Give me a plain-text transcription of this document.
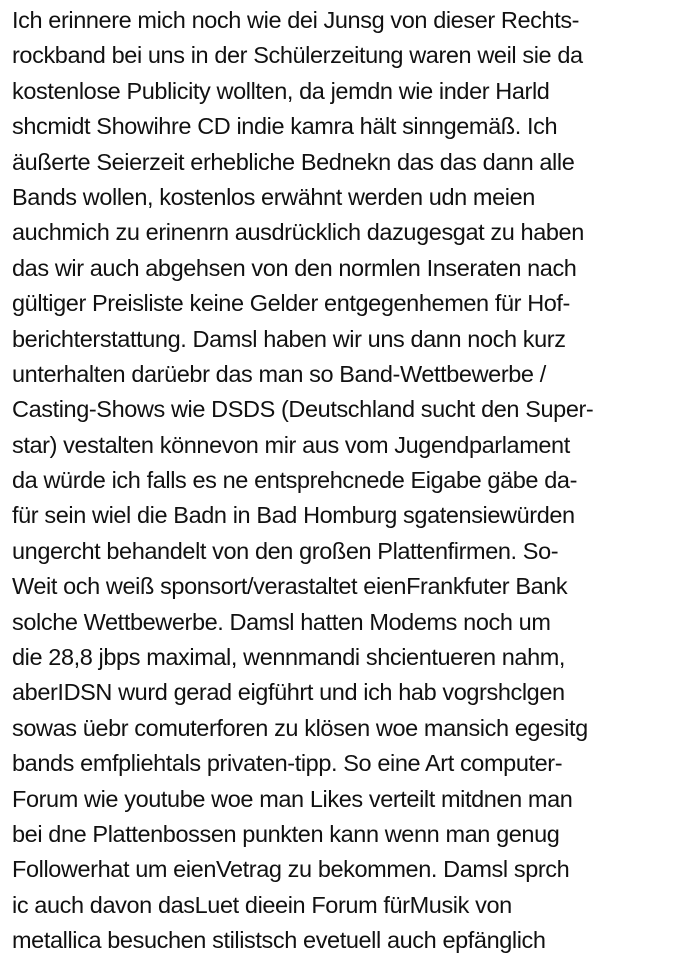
Ich erinnere mich noch wie dei Junsg von dieser Rechts-
rockband bei uns in der Schülerzeitung waren weil sie da
kostenlose Publicity wollten, da jemdn wie inder Harld
shcmidt Showihre CD indie kamra hält sinngemäß. Ich
äußerte Seierzeit erhebliche Bednekn das das dann alle
Bands wollen, kostenlos erwähnt werden udn meien
auchmich zu erinenrn ausdrücklich dazugesgat zu haben
das wir auch abgehsen von den normlen Inseraten nach
gültiger Preisliste keine Gelder entgegenhemen für Hof-
berichterstattung. Damsl haben wir uns dann noch kurz
unterhalten darüebr das man so Band-Wettbewerbe /
Casting-Shows wie DSDS (Deutschland sucht den Super-
star) vestalten könnevon mir aus vom Jugendparlament
da würde ich falls es ne entsprehcnede Eigabe gäbe da-
für sein wiel die Badn in Bad Homburg sgatensiewürden
ungercht behandelt von den großen Plattenfirmen. So-
Weit och weiß sponsort/verastaltet eienFrankfuter Bank
solche Wettbewerbe. Damsl hatten Modems noch um
die 28,8 jbps maximal, wennmandi shcientueren nahm,
aberIDSN wurd gerad eigführt und ich hab vogrshclgen
sowas üebr comuterforen zu klösen woe mansich egesitg
bands emfpliehtals privaten-tipp. So eine Art computer-
Forum wie youtube woe man Likes verteilt mitdnen man
bei dne Plattenbossen punkten kann wenn man genug
Followerhat um eienVetrag zu bekommen. Damsl sprch
ic auch davon dasLuet dieein Forum fürMusik von
metallica besuchen stilistsch evetuell auch epfänglich
